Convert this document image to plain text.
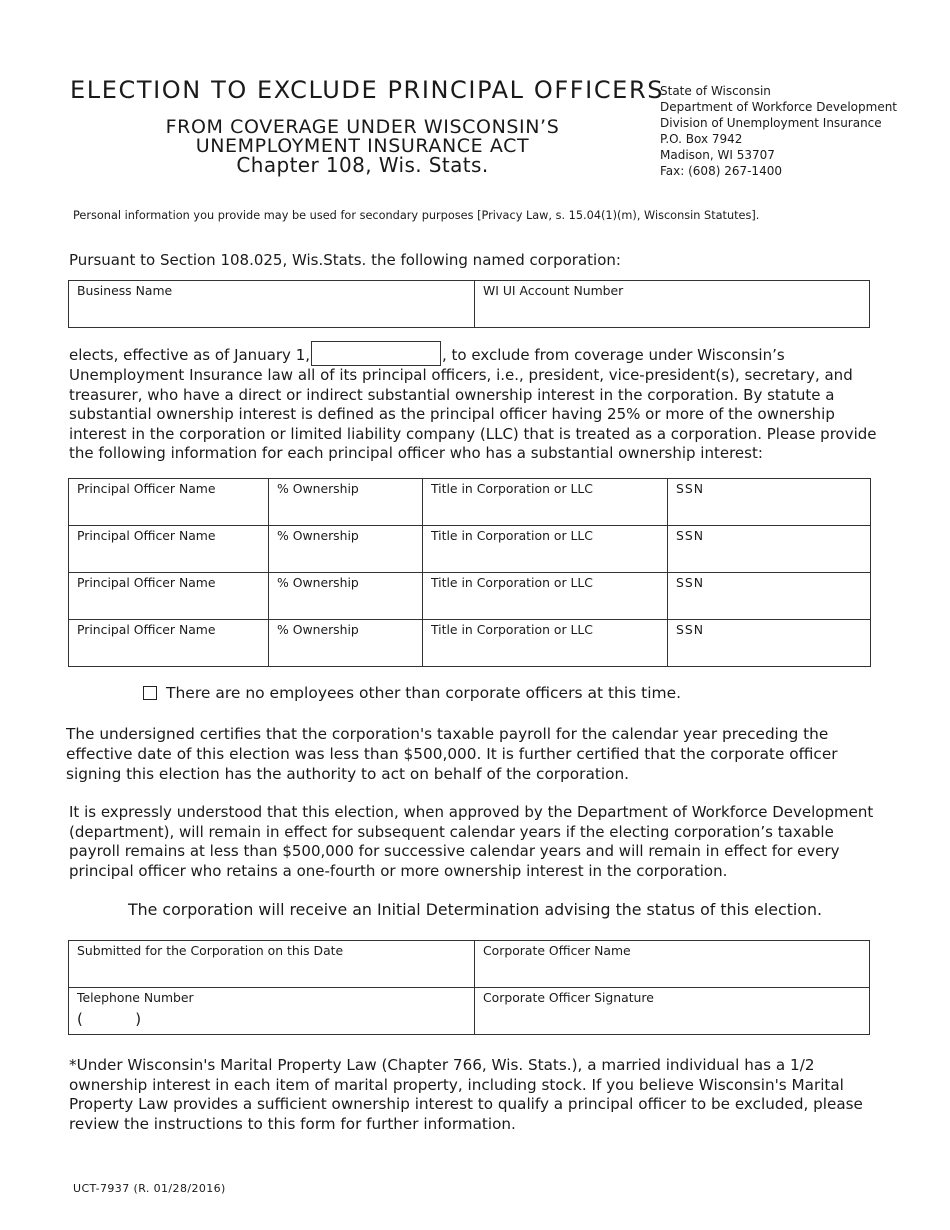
ELECTION TO EXCLUDE PRINCIPAL OFFICERS
FROM COVERAGE UNDER WISCONSIN’S
UNEMPLOYMENT INSURANCE ACT
Chapter 108, Wis. Stats.
State of Wisconsin
Department of Workforce Development
Division of Unemployment Insurance
P.O. Box 7942
Madison, WI 53707
Fax: (608) 267-1400
Personal information you provide may be used for secondary purposes [Privacy Law, s. 15.04(1)(m), Wisconsin Statutes].
Pursuant to Section 108.025, Wis.Stats. the following named corporation:
Business Name	WI UI Account Number
elects, effective as of January 1,	, to exclude from coverage under Wisconsin’s Unemployment Insurance law all of its principal officers, i.e., president, vice-president(s), secretary, and treasurer, who have a direct or indirect substantial ownership interest in the corporation. By statute a substantial ownership interest is defined as the principal officer having 25% or more of the ownership interest in the corporation or limited liability company (LLC) that is treated as a corporation. Please provide the following information for each principal officer who has a substantial ownership interest:
Principal Officer Name	% Ownership	Title in Corporation or LLC	SSN
Principal Officer Name	% Ownership	Title in Corporation or LLC	SSN
Principal Officer Name	% Ownership	Title in Corporation or LLC	SSN
Principal Officer Name	% Ownership	Title in Corporation or LLC	SSN
There are no employees other than corporate officers at this time.
The undersigned certifies that the corporation's taxable payroll for the calendar year preceding the effective date of this election was less than $500,000. It is further certified that the corporate officer signing this election has the authority to act on behalf of the corporation.
It is expressly understood that this election, when approved by the Department of Workforce Development (department), will remain in effect for subsequent calendar years if the electing corporation’s taxable payroll remains at less than $500,000 for successive calendar years and will remain in effect for every principal officer who retains a one-fourth or more ownership interest in the corporation.
The corporation will receive an Initial Determination advising the status of this election.
Submitted for the Corporation on this Date	Corporate Officer Name
Telephone Number
(           )	Corporate Officer Signature
*Under Wisconsin's Marital Property Law (Chapter 766, Wis. Stats.), a married individual has a 1/2 ownership interest in each item of marital property, including stock. If you believe Wisconsin's Marital Property Law provides a sufficient ownership interest to qualify a principal officer to be excluded, please review the instructions to this form for further information.
UCT-7937 (R. 01/28/2016)
